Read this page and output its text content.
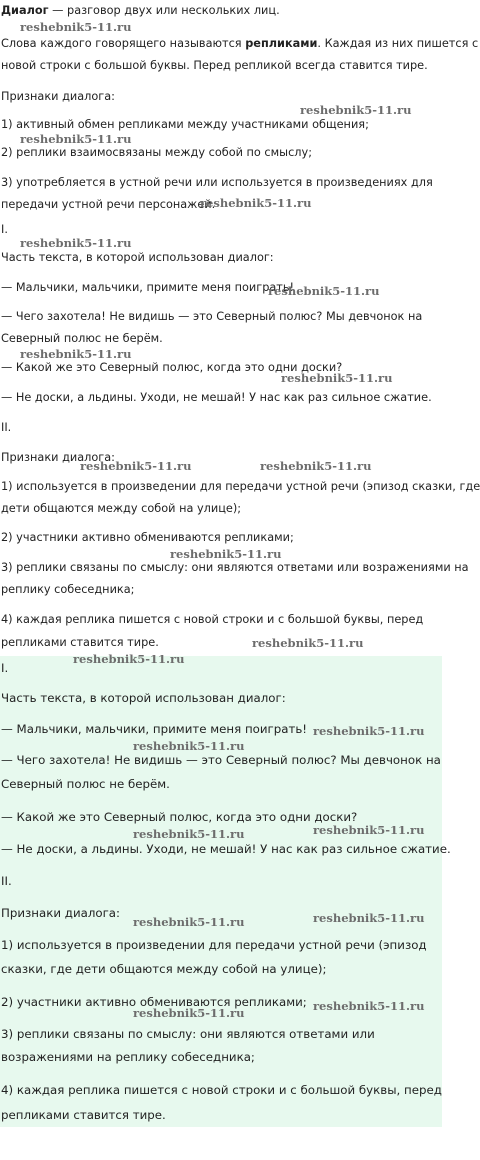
Диалог — разговор двух или нескольких лиц.
Слова каждого говорящего называются репликами. Каждая из них пишется с
новой строки с большой буквы. Перед репликой всегда ставится тире.
Признаки диалога:
1) активный обмен репликами между участниками общения;
2) реплики взаимосвязаны между собой по смыслу;
3) употребляется в устной речи или используется в произведениях для
передачи устной речи персонажей.
I.
Часть текста, в которой использован диалог:
— Мальчики, мальчики, примите меня поиграть!
— Чего захотела! Не видишь — это Северный полюс? Мы девчонок на
Северный полюс не берём.
— Какой же это Северный полюс, когда это одни доски?
— Не доски, а льдины. Уходи, не мешай! У нас как раз сильное сжатие.
II.
Признаки диалога:
1) используется в произведении для передачи устной речи (эпизод сказки, где
дети общаются между собой на улице);
2) участники активно обмениваются репликами;
3) реплики связаны по смыслу: они являются ответами или возражениями на
реплику собеседника;
4) каждая реплика пишется с новой строки и с большой буквы, перед
репликами ставится тире.
I.
Часть текста, в которой использован диалог:
— Мальчики, мальчики, примите меня поиграть!
— Чего захотела! Не видишь — это Северный полюс? Мы девчонок на
Северный полюс не берём.
— Какой же это Северный полюс, когда это одни доски?
— Не доски, а льдины. Уходи, не мешай! У нас как раз сильное сжатие.
II.
Признаки диалога:
1) используется в произведении для передачи устной речи (эпизод
сказки, где дети общаются между собой на улице);
2) участники активно обмениваются репликами;
3) реплики связаны по смыслу: они являются ответами или
возражениями на реплику собеседника;
4) каждая реплика пишется с новой строки и с большой буквы, перед
репликами ставится тире.
reshebnik5-11.ru
reshebnik5-11.ru
reshebnik5-11.ru
reshebnik5-11.ru
reshebnik5-11.ru
reshebnik5-11.ru
reshebnik5-11.ru
reshebnik5-11.ru
reshebnik5-11.ru	reshebnik5-11.ru
reshebnik5-11.ru
reshebnik5-11.ru
reshebnik5-11.ru
reshebnik5-11.ru
reshebnik5-11.ru
reshebnik5-11.ru	reshebnik5-11.ru
reshebnik5-11.ru	reshebnik5-11.ru
reshebnik5-11.ru
reshebnik5-11.ru
